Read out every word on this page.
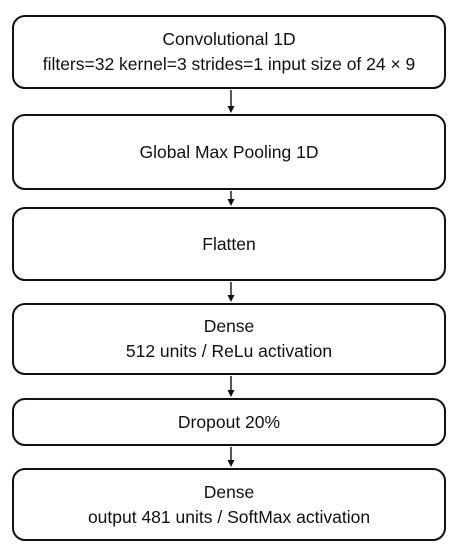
Convolutional 1D
filters=32 kernel=3 strides=1 input size of 24 × 9
Global Max Pooling 1D
Flatten
Dense
512 units / ReLu activation
Dropout 20%
Dense
output 481 units / SoftMax activation
